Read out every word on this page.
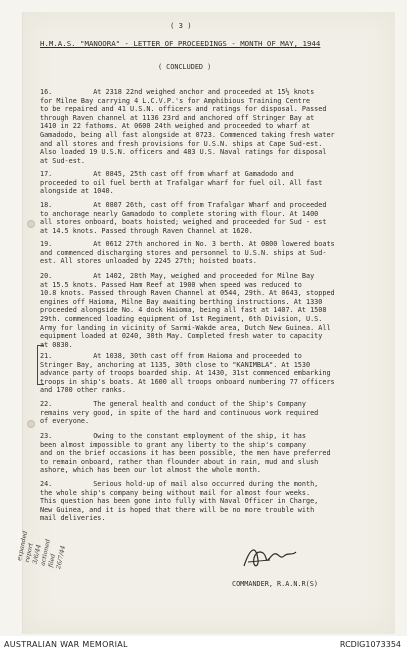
( 3 )
H.M.A.S. "MANOORA" - LETTER OF PROCEEDINGS - MONTH OF MAY, 1944
( CONCLUDED )
16.          At 2318 22nd weighed anchor and proceeded at 15½ knots
for Milne Bay carrying 4 L.C.V.P.'s for Amphibious Training Centre
to be repaired and 41 U.S.N. officers and ratings for disposal. Passed
through Raven channel at 1136 23rd and anchored off Stringer Bay at
1410 in 22 fathoms. At 0600 24th weighed and proceeded to wharf at
Gamadodo, being all fast alongside at 0723. Commenced taking fresh water
and all stores and fresh provisions for U.S.N. ships at Cape Sud-est.
Also loaded 19 U.S.N. officers and 483 U.S. Naval ratings for disposal
at Sud-est.
17.          At 0845, 25th cast off from wharf at Gamadodo and
proceeded to oil fuel berth at Trafalgar wharf for fuel oil. All fast
alongside at 1040.
18.          At 0807 26th, cast off from Trafalgar Wharf and proceeded
to anchorage nearly Gamadodo to complete storing with flour. At 1400
all stores onboard, boats hoisted; weighed and proceeded for Sud - est
at 14.5 knots. Passed through Raven Channel at 1620.
19.          At 0612 27th anchored in No. 3 berth. At 0800 lowered boats
and commenced discharging stores and personnel to U.S.N. ships at Sud-
est. All stores unloaded by 2245 27th; hoisted boats.
20.          At 1402, 28th May, weighed and proceeded for Milne Bay
at 15.5 knots. Passed Ham Reef at 1900 when speed was reduced to
10.8 knots. Passed through Raven Channel at 0544, 29th. At 0643, stopped
engines off Haioma, Milne Bay awaiting berthing instructions. At 1330
proceeded alongside No. 4 dock Haioma, being all fast at 1407. At 1508
29th. commenced loading equipment of 1st Regiment, 6th Division, U.S.
Army for landing in vicinity of Sarmi-Wakde area, Dutch New Guinea. All
equipment loaded at 0240, 30th May. Completed fresh water to capacity
at 0830.
21.          At 1038, 30th cast off from Haioma and proceeded to
Stringer Bay, anchoring at 1135, 30th close to "KANIMBLA". At 1530
advance party of troops boarded ship. At 1430, 31st commenced embarking
troops in ship's boats. At 1600 all troops onboard numbering 77 officers
and 1700 other ranks.
22.          The general health and conduct of the Ship's Company
remains very good, in spite of the hard and continuous work required
of everyone.
23.          Owing to the constant employment of the ship, it has
been almost impossible to grant any liberty to the ship's company
and on the brief occasions it has been possible, the men have preferred
to remain onboard, rather than flounder about in rain, mud and slush
ashore, which has been our lot almost the whole month.
24.          Serious hold-up of mail also occurred during the month,
the whole ship's company being without mail for almost four weeks.
This question has been gone into fully with Naval Officer in Charge,
New Guinea, and it is hoped that there will be no more trouble with
mail deliveries.
expanded
report
3/6/44
actioned
filed
26/7/44
COMMANDER, R.A.N.R(S)
AUSTRALIAN WAR MEMORIAL	RCDIG1073354
